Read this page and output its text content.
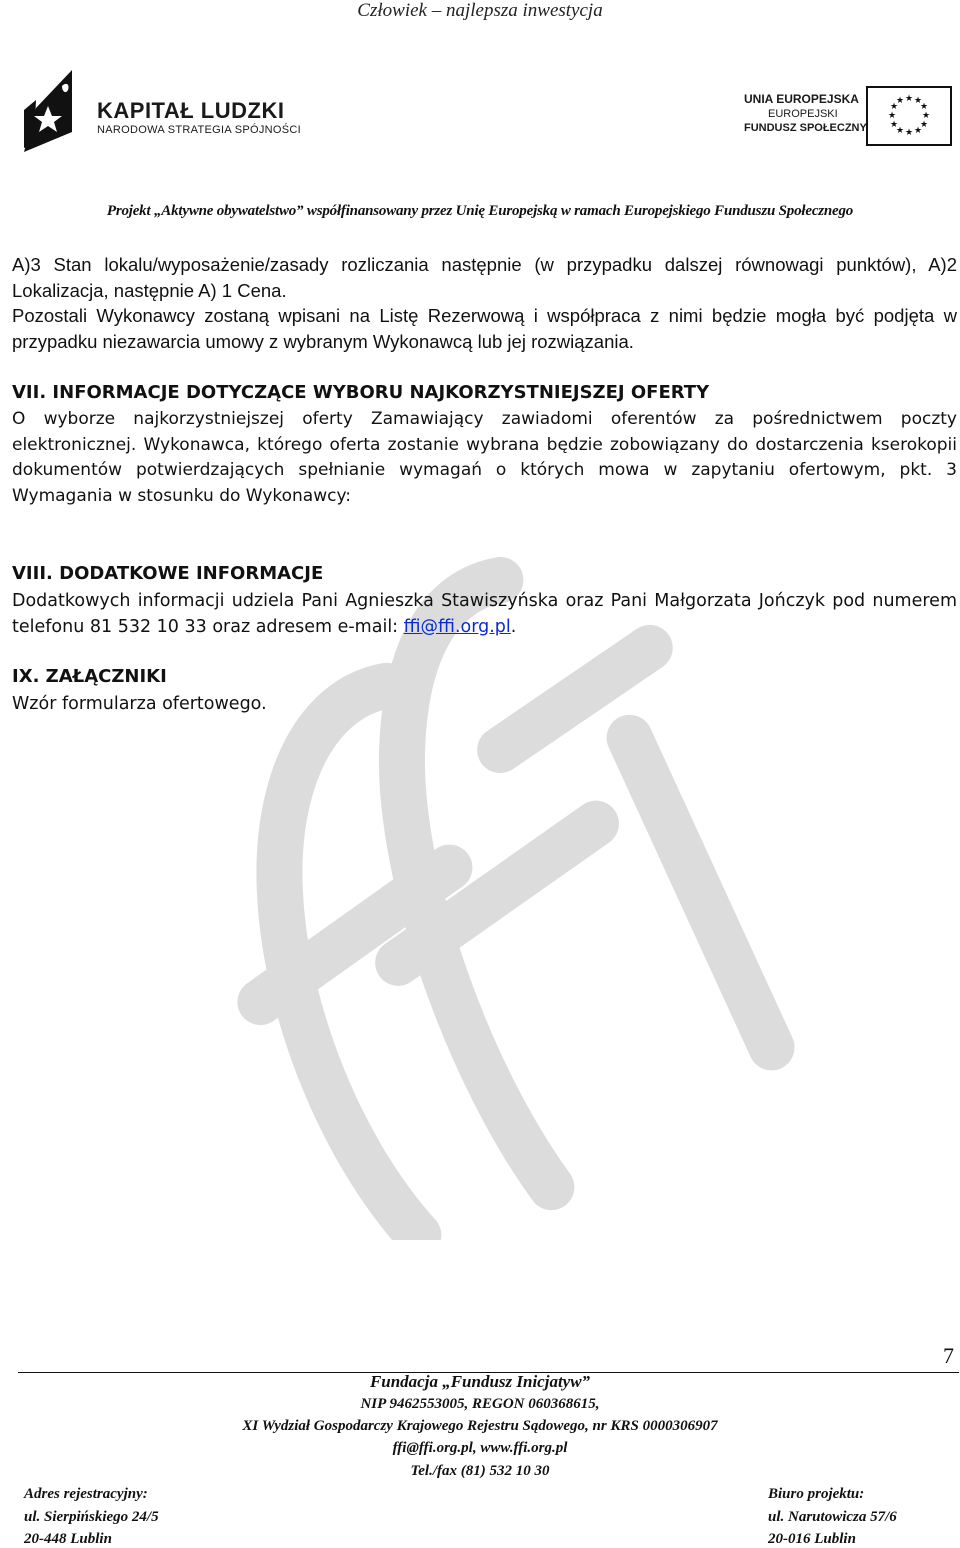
Człowiek – najlepsza inwestycja
KAPITAŁ LUDZKI
NARODOWA STRATEGIA SPÓJNOŚCI
UNIA EUROPEJSKA
EUROPEJSKI
FUNDUSZ SPOŁECZNY
★ ★
★
★
★
★
★
★
★
★
★
★
Projekt „Aktywne obywatelstwo” współfinansowany przez Unię Europejską w ramach Europejskiego Funduszu Społecznego

A)3 Stan lokalu/wyposażenie/zasady rozliczania następnie (w przypadku dalszej równowagi punktów), A)2 Lokalizacja, następnie A) 1 Cena.

Pozostali Wykonawcy zostaną wpisani na Listę Rezerwową i współpraca z nimi będzie mogła być podjęta w przypadku niezawarcia umowy z wybranym Wykonawcą lub jej rozwiązania.

VII. INFORMACJE DOTYCZĄCE WYBORU NAJKORZYSTNIEJSZEJ OFERTY

O wyborze najkorzystniejszej oferty Zamawiający zawiadomi oferentów za pośrednictwem poczty elektronicznej. Wykonawca, którego oferta zostanie wybrana będzie zobowiązany do dostarczenia kserokopii dokumentów potwierdzających spełnianie wymagań o których mowa w zapytaniu ofertowym, pkt. 3 Wymagania w stosunku do Wykonawcy:

VIII. DODATKOWE INFORMACJE

Dodatkowych informacji udziela Pani Agnieszka Stawiszyńska oraz Pani Małgorzata Jończyk pod numerem telefonu 81 532 10 33 oraz adresem e-mail: ffi@ffi.org.pl.

IX. ZAŁĄCZNIKI

Wzór formularza ofertowego.

7
Fundacja „Fundusz Inicjatyw”
NIP 9462553005, REGON 060368615,
XI Wydział Gospodarczy Krajowego Rejestru Sądowego, nr KRS 0000306907
ffi@ffi.org.pl, www.ffi.org.pl
Tel./fax (81) 532 10 30
Adres rejestracyjny:
ul. Sierpińskiego 24/5
20-448 Lublin
Biuro projektu:
ul. Narutowicza 57/6
20-016 Lublin
